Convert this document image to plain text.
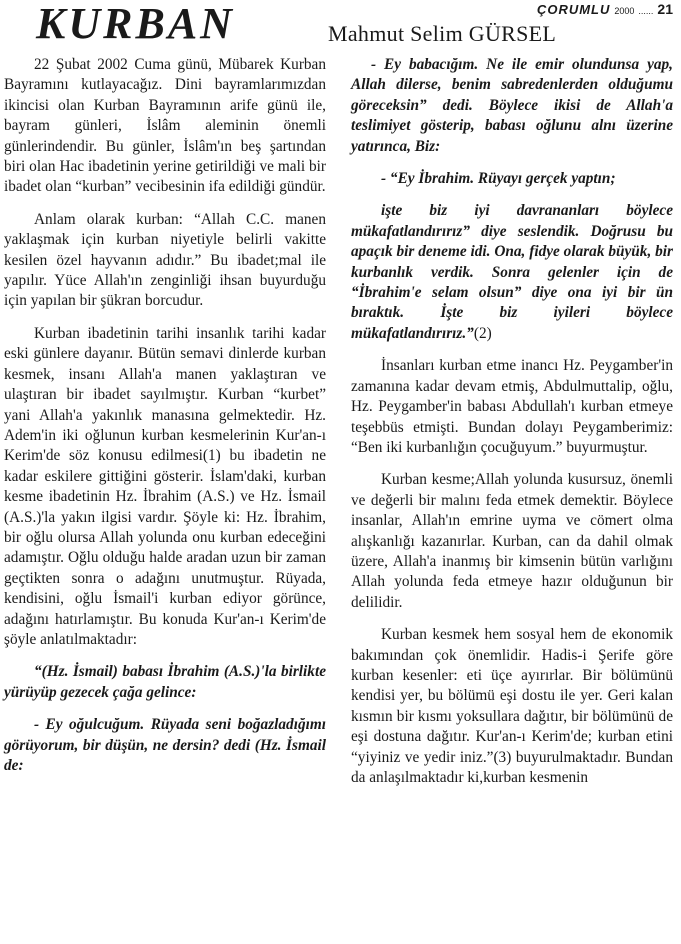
ÇORUMLU 2000 ...... 21
KURBAN	Mahmut Selim GÜRSEL

22 Şubat 2002 Cuma günü, Mübarek Kurban Bayramını kutlayacağız. Dini bayramlarımızdan ikincisi olan Kurban Bayramının arife günü ile, bayram günleri, İslâm aleminin önemli günlerindendir. Bu günler, İslâm'ın beş şartından biri olan Hac ibadetinin yerine getirildiği ve mali bir ibadet olan “kurban” vecibesinin ifa edildiği gündür.

Anlam olarak kurban: “Allah C.C. manen yaklaşmak için kurban niyetiyle belirli vakitte kesilen özel hayvanın adıdır.” Bu ibadet;mal ile yapılır. Yüce Allah'ın zenginliği ihsan buyurduğu için yapılan bir şükran borcudur.

Kurban ibadetinin tarihi insanlık tarihi kadar eski günlere dayanır. Bütün semavi dinlerde kurban kesmek, insanı Allah'a manen yaklaştıran ve ulaştıran bir ibadet sayılmıştır. Kurban “kurbet” yani Allah'a yakınlık manasına gelmektedir. Hz. Adem'in iki oğlunun kurban kesmelerinin Kur'an-ı Kerim'de söz konusu edilmesi(1) bu ibadetin ne kadar eskilere gittiğini gösterir. İslam'daki, kurban kesme ibadetinin Hz. İbrahim (A.S.) ve Hz. İsmail (A.S.)'la yakın ilgisi vardır. Şöyle ki: Hz. İbrahim, bir oğlu olursa Allah yolunda onu kurban edeceğini adamıştır. Oğlu olduğu halde aradan uzun bir zaman geçtikten sonra o adağını unutmuştur. Rüyada, kendisini, oğlu İsmail'i kurban ediyor görünce, adağını hatırlamıştır. Bu konuda Kur'an-ı Kerim'de şöyle anlatılmaktadır:

“(Hz. İsmail) babası İbrahim (A.S.)'la birlikte yürüyüp gezecek çağa gelince:

- Ey oğulcuğum. Rüyada seni boğazladığımı görüyorum, bir düşün, ne dersin? dedi (Hz. İsmail de:

- Ey babacığım. Ne ile emir olundunsa yap, Allah dilerse, benim sabredenlerden olduğumu göreceksin” dedi. Böylece ikisi de Allah'a teslimiyet gösterip, babası oğlunu alnı üzerine yatırınca, Biz:

- “Ey İbrahim. Rüyayı gerçek yaptın;

işte biz iyi davrananları böylece mükafatlandırırız” diye seslendik. Doğrusu bu apaçık bir deneme idi. Ona, fidye olarak büyük, bir kurbanlık verdik. Sonra gelenler için de “İbrahim'e selam olsun” diye ona iyi bir ün bıraktık. İşte biz iyileri böylece mükafatlandırırız.”(2)

İnsanları kurban etme inancı Hz. Peygamber'in zamanına kadar devam etmiş, Abdulmuttalip, oğlu, Hz. Peygamber'in babası Abdullah'ı kurban etmeye teşebbüs etmişti. Bundan dolayı Peygamberimiz: “Ben iki kurbanlığın çocuğuyum.” buyurmuştur.

Kurban kesme;Allah yolunda kusursuz, önemli ve değerli bir malını feda etmek demektir. Böylece insanlar, Allah'ın emrine uyma ve cömert olma alışkanlığı kazanırlar. Kurban, can da dahil olmak üzere, Allah'a inanmış bir kimsenin bütün varlığını Allah yolunda feda etmeye hazır olduğunun bir delilidir.

Kurban kesmek hem sosyal hem de ekonomik bakımından çok önemlidir. Hadis-i Şerife göre kurban kesenler: eti üçe ayırırlar. Bir bölümünü kendisi yer, bu bölümü eşi dostu ile yer. Geri kalan kısmın bir kısmı yoksullara dağıtır, bir bölümünü de eşi dostuna dağıtır. Kur'an-ı Kerim'de; kurban etini “yiyiniz ve yedir iniz.”(3) buyurulmaktadır. Bundan da anlaşılmaktadır ki,kurban kesmenin
